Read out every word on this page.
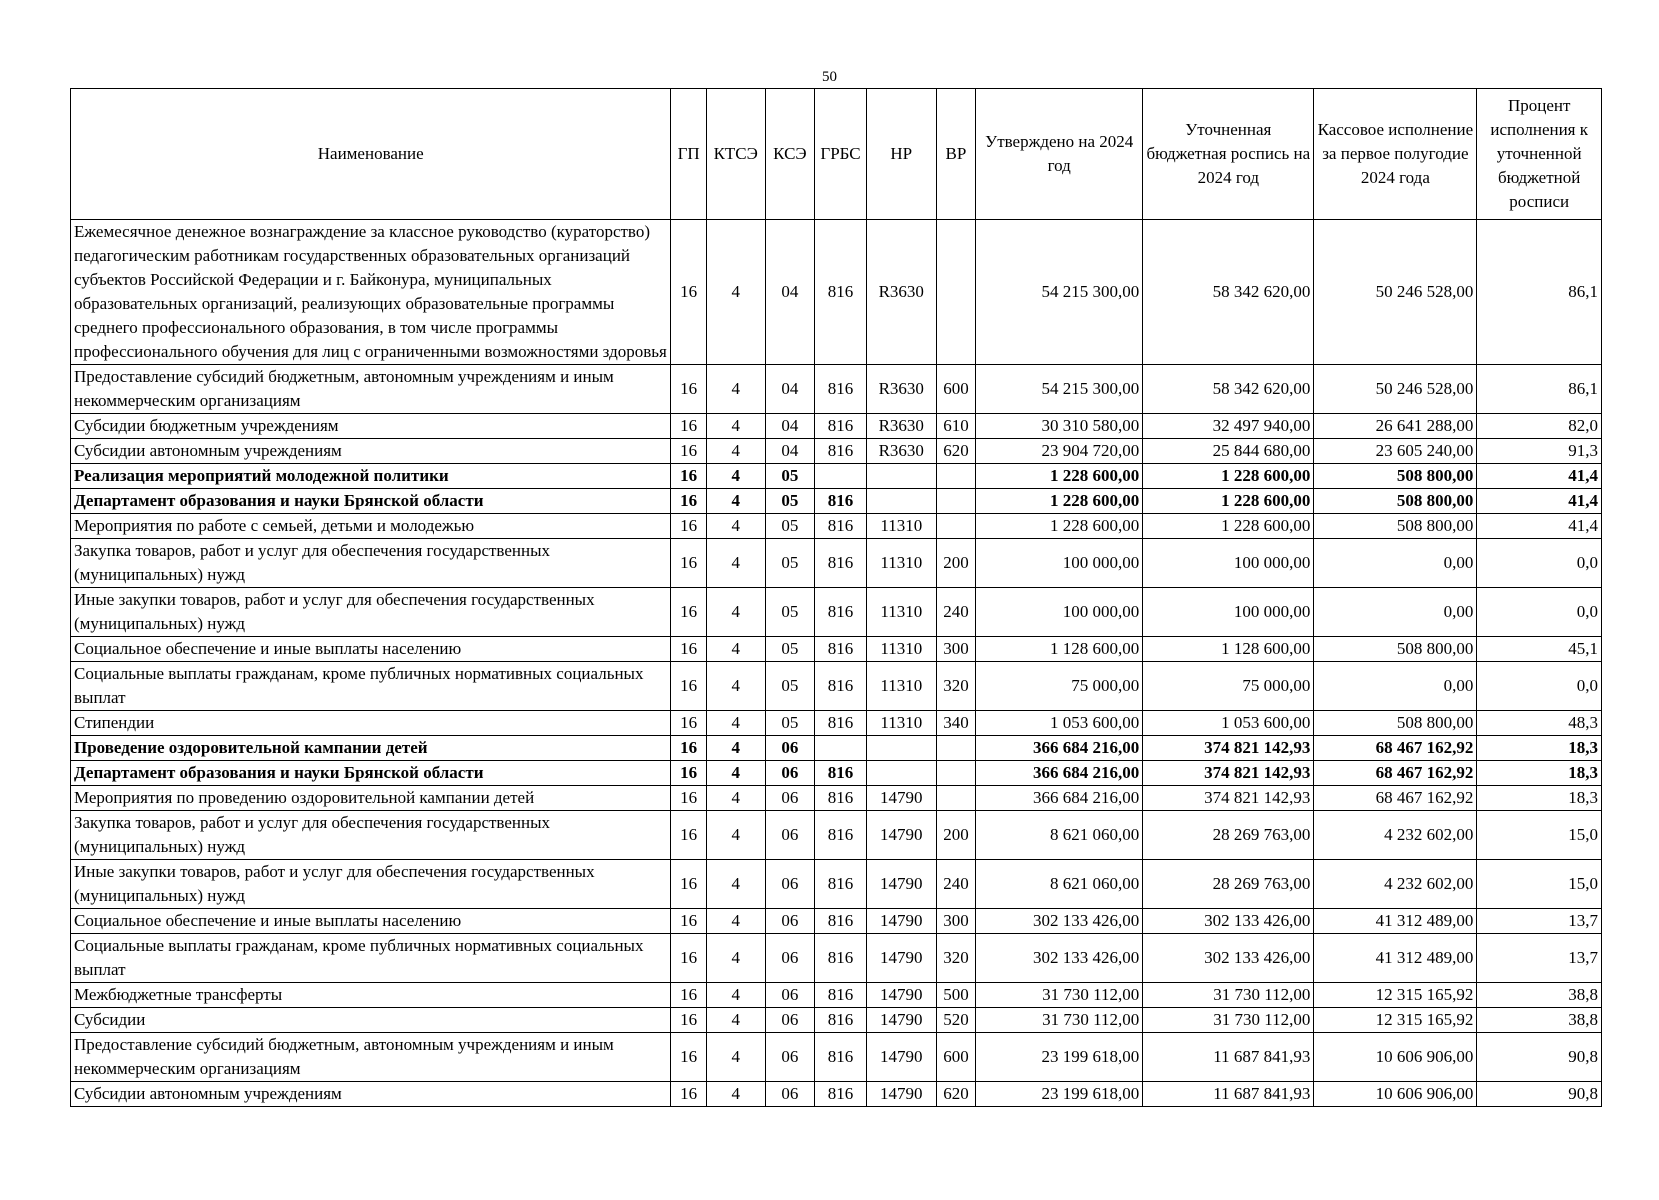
50
Наименование	ГП	КТСЭ	КСЭ	ГРБС	НР	ВР	Утверждено на 2024 год	Уточненная бюджетная роспись на 2024 год	Кассовое исполнение за первое полугодие 2024 года	Процент исполнения к уточненной бюджетной росписи
Ежемесячное денежное вознаграждение за классное руководство (кураторство) педагогическим работникам государственных образовательных организаций субъектов Российской Федерации и г. Байконура, муниципальных образовательных организаций, реализующих образовательные программы среднего профессионального образования, в том числе программы профессионального обучения для лиц с ограниченными возможностями здоровья	16	4	04	816	R3630		54 215 300,00	58 342 620,00	50 246 528,00	86,1
Предоставление субсидий бюджетным, автономным учреждениям и иным некоммерческим организациям	16	4	04	816	R3630	600	54 215 300,00	58 342 620,00	50 246 528,00	86,1
Субсидии бюджетным учреждениям	16	4	04	816	R3630	610	30 310 580,00	32 497 940,00	26 641 288,00	82,0
Субсидии автономным учреждениям	16	4	04	816	R3630	620	23 904 720,00	25 844 680,00	23 605 240,00	91,3
Реализация мероприятий молодежной политики	16	4	05				1 228 600,00	1 228 600,00	508 800,00	41,4
Департамент образования и науки Брянской области	16	4	05	816			1 228 600,00	1 228 600,00	508 800,00	41,4
Мероприятия по работе с семьей, детьми и молодежью	16	4	05	816	11310		1 228 600,00	1 228 600,00	508 800,00	41,4
Закупка товаров, работ и услуг для обеспечения государственных (муниципальных) нужд	16	4	05	816	11310	200	100 000,00	100 000,00	0,00	0,0
Иные закупки товаров, работ и услуг для обеспечения государственных (муниципальных) нужд	16	4	05	816	11310	240	100 000,00	100 000,00	0,00	0,0
Социальное обеспечение и иные выплаты населению	16	4	05	816	11310	300	1 128 600,00	1 128 600,00	508 800,00	45,1
Социальные выплаты гражданам, кроме публичных нормативных социальных выплат	16	4	05	816	11310	320	75 000,00	75 000,00	0,00	0,0
Стипендии	16	4	05	816	11310	340	1 053 600,00	1 053 600,00	508 800,00	48,3
Проведение оздоровительной кампании детей	16	4	06				366 684 216,00	374 821 142,93	68 467 162,92	18,3
Департамент образования и науки Брянской области	16	4	06	816			366 684 216,00	374 821 142,93	68 467 162,92	18,3
Мероприятия по проведению оздоровительной кампании детей	16	4	06	816	14790		366 684 216,00	374 821 142,93	68 467 162,92	18,3
Закупка товаров, работ и услуг для обеспечения государственных (муниципальных) нужд	16	4	06	816	14790	200	8 621 060,00	28 269 763,00	4 232 602,00	15,0
Иные закупки товаров, работ и услуг для обеспечения государственных (муниципальных) нужд	16	4	06	816	14790	240	8 621 060,00	28 269 763,00	4 232 602,00	15,0
Социальное обеспечение и иные выплаты населению	16	4	06	816	14790	300	302 133 426,00	302 133 426,00	41 312 489,00	13,7
Социальные выплаты гражданам, кроме публичных нормативных социальных выплат	16	4	06	816	14790	320	302 133 426,00	302 133 426,00	41 312 489,00	13,7
Межбюджетные трансферты	16	4	06	816	14790	500	31 730 112,00	31 730 112,00	12 315 165,92	38,8
Субсидии	16	4	06	816	14790	520	31 730 112,00	31 730 112,00	12 315 165,92	38,8
Предоставление субсидий бюджетным, автономным учреждениям и иным некоммерческим организациям	16	4	06	816	14790	600	23 199 618,00	11 687 841,93	10 606 906,00	90,8
Субсидии автономным учреждениям	16	4	06	816	14790	620	23 199 618,00	11 687 841,93	10 606 906,00	90,8
